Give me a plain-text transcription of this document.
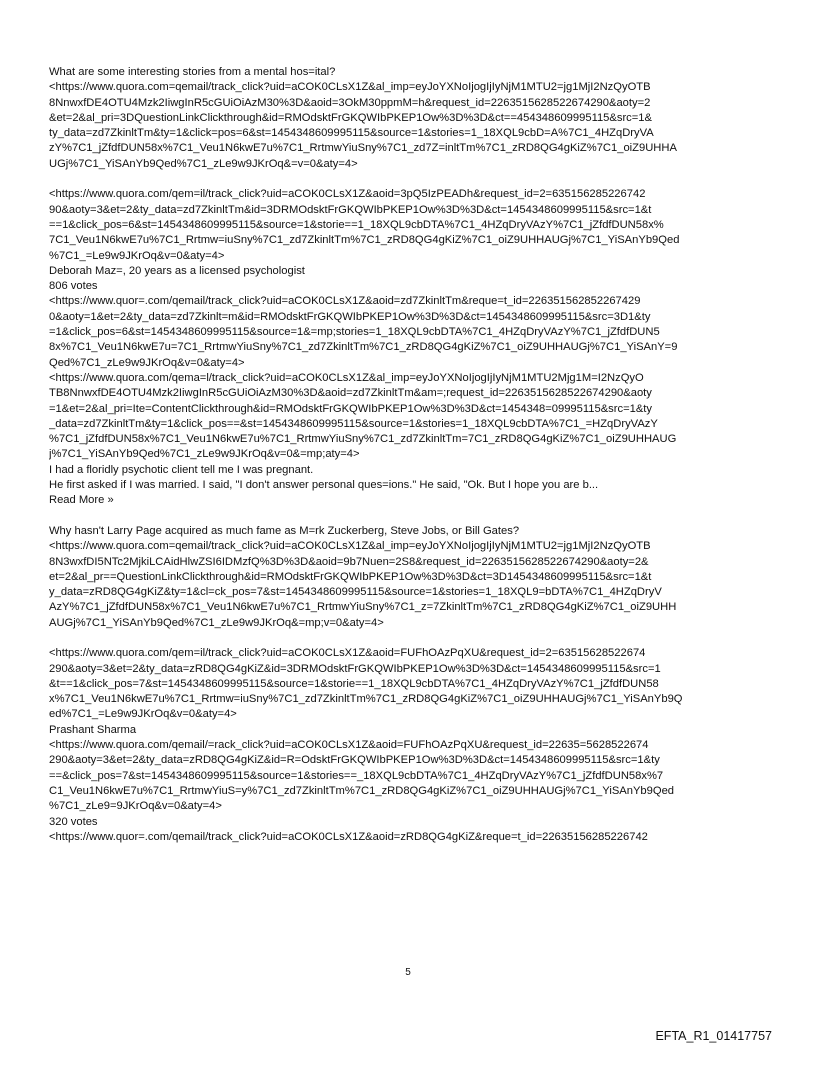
What are some interesting stories from a mental hos=ital?
<https://www.quora.com=qemail/track_click?uid=aCOK0CLsX1Z&al_imp=eyJoYXNoIjogIjIyNjM1MTU2=jg1MjI2NzQyOTB
8NnwxfDE4OTU4Mzk2IiwgInR5cGUiOiAzM30%3D&aoid=3OkM30ppmM=h&request_id=2263515628522674290&aoty=2
&et=2&al_pri=3DQuestionLinkClickthrough&id=RMOdsktFrGKQWIbPKEP1Ow%3D%3D&ct==454348609995115&src=1&
ty_data=zd7ZkinltTm&ty=1&click=pos=6&st=1454348609995115&source=1&stories=1_18XQL9cbD=A%7C1_4HZqDryVA
zY%7C1_jZfdfDUN58x%7C1_Veu1N6kwE7u%7C1_RrtmwYiuSny%7C1_zd7Z=inltTm%7C1_zRD8QG4gKiZ%7C1_oiZ9UHHA
UGj%7C1_YiSAnYb9Qed%7C1_zLe9w9JKrOq&=v=0&aty=4>
<https://www.quora.com/qem=il/track_click?uid=aCOK0CLsX1Z&aoid=3pQ5IzPEADh&request_id=2=635156285226742
90&aoty=3&et=2&ty_data=zd7ZkinltTm&id=3DRMOdsktFrGKQWIbPKEP1Ow%3D%3D&ct=1454348609995115&src=1&t
==1&click_pos=6&st=1454348609995115&source=1&storie==1_18XQL9cbDTA%7C1_4HZqDryVAzY%7C1_jZfdfDUN58x%
7C1_Veu1N6kwE7u%7C1_Rrtmw=iuSny%7C1_zd7ZkinltTm%7C1_zRD8QG4gKiZ%7C1_oiZ9UHHAUGj%7C1_YiSAnYb9Qed
%7C1_=Le9w9JKrOq&v=0&aty=4>
Deborah Maz=, 20 years as a licensed psychologist
806 votes
<https://www.quor=.com/qemail/track_click?uid=aCOK0CLsX1Z&aoid=zd7ZkinltTm&reque=t_id=226351562852267429
0&aoty=1&et=2&ty_data=zd7Zkinlt=m&id=RMOdsktFrGKQWIbPKEP1Ow%3D%3D&ct=1454348609995115&src=3D1&ty
=1&click_pos=6&st=1454348609995115&source=1&=mp;stories=1_18XQL9cbDTA%7C1_4HZqDryVAzY%7C1_jZfdfDUN5
8x%7C1_Veu1N6kwE7u=7C1_RrtmwYiuSny%7C1_zd7ZkinltTm%7C1_zRD8QG4gKiZ%7C1_oiZ9UHHAUGj%7C1_YiSAnY=9
Qed%7C1_zLe9w9JKrOq&v=0&aty=4>
<https://www.quora.com/qema=l/track_click?uid=aCOK0CLsX1Z&al_imp=eyJoYXNoIjogIjIyNjM1MTU2Mjg1M=I2NzQyO
TB8NnwxfDE4OTU4Mzk2IiwgInR5cGUiOiAzM30%3D&aoid=zd7ZkinltTm&am=;request_id=2263515628522674290&aoty
=1&et=2&al_pri=Ite=ContentClickthrough&id=RMOdsktFrGKQWIbPKEP1Ow%3D%3D&ct=1454348=09995115&src=1&ty
_data=zd7ZkinltTm&ty=1&click_pos==&st=1454348609995115&source=1&stories=1_18XQL9cbDTA%7C1_=HZqDryVAzY
%7C1_jZfdfDUN58x%7C1_Veu1N6kwE7u%7C1_RrtmwYiuSny%7C1_zd7ZkinltTm=7C1_zRD8QG4gKiZ%7C1_oiZ9UHHAUG
j%7C1_YiSAnYb9Qed%7C1_zLe9w9JKrOq&v=0&=mp;aty=4>
I had a floridly psychotic client tell me I was pregnant.
He first asked if I was married. I said, "I don't answer personal ques=ions." He said, "Ok. But I hope you are b...
Read More »
Why hasn't Larry Page acquired as much fame as M=rk Zuckerberg, Steve Jobs, or Bill Gates?
<https://www.quora.com=qemail/track_click?uid=aCOK0CLsX1Z&al_imp=eyJoYXNoIjogIjIyNjM1MTU2=jg1MjI2NzQyOTB
8N3wxfDI5NTc2MjkiLCAidHlwZSI6IDMzfQ%3D%3D&aoid=9b7Nuen=2S8&request_id=2263515628522674290&aoty=2&
et=2&al_pr==QuestionLinkClickthrough&id=RMOdsktFrGKQWIbPKEP1Ow%3D%3D&ct=3D1454348609995115&src=1&t
y_data=zRD8QG4gKiZ&ty=1&cl=ck_pos=7&st=1454348609995115&source=1&stories=1_18XQL9=bDTA%7C1_4HZqDryV
AzY%7C1_jZfdfDUN58x%7C1_Veu1N6kwE7u%7C1_RrtmwYiuSny%7C1_z=7ZkinltTm%7C1_zRD8QG4gKiZ%7C1_oiZ9UHH
AUGj%7C1_YiSAnYb9Qed%7C1_zLe9w9JKrOq&=mp;v=0&aty=4>
<https://www.quora.com/qem=il/track_click?uid=aCOK0CLsX1Z&aoid=FUFhOAzPqXU&request_id=2=63515628522674
290&aoty=3&et=2&ty_data=zRD8QG4gKiZ&id=3DRMOdsktFrGKQWIbPKEP1Ow%3D%3D&ct=1454348609995115&src=1
&t==1&click_pos=7&st=1454348609995115&source=1&storie==1_18XQL9cbDTA%7C1_4HZqDryVAzY%7C1_jZfdfDUN58
x%7C1_Veu1N6kwE7u%7C1_Rrtmw=iuSny%7C1_zd7ZkinltTm%7C1_zRD8QG4gKiZ%7C1_oiZ9UHHAUGj%7C1_YiSAnYb9Q
ed%7C1_=Le9w9JKrOq&v=0&aty=4>
Prashant Sharma
<https://www.quora.com/qemail/=rack_click?uid=aCOK0CLsX1Z&aoid=FUFhOAzPqXU&request_id=22635=5628522674
290&aoty=3&et=2&ty_data=zRD8QG4gKiZ&id=R=OdsktFrGKQWIbPKEP1Ow%3D%3D&ct=1454348609995115&src=1&ty
==&click_pos=7&st=1454348609995115&source=1&stories==_18XQL9cbDTA%7C1_4HZqDryVAzY%7C1_jZfdfDUN58x%7
C1_Veu1N6kwE7u%7C1_RrtmwYiuS=y%7C1_zd7ZkinltTm%7C1_zRD8QG4gKiZ%7C1_oiZ9UHHAUGj%7C1_YiSAnYb9Qed
%7C1_zLe9=9JKrOq&v=0&aty=4>
320 votes
<https://www.quor=.com/qemail/track_click?uid=aCOK0CLsX1Z&aoid=zRD8QG4gKiZ&reque=t_id=22635156285226742
5
EFTA_R1_01417757
